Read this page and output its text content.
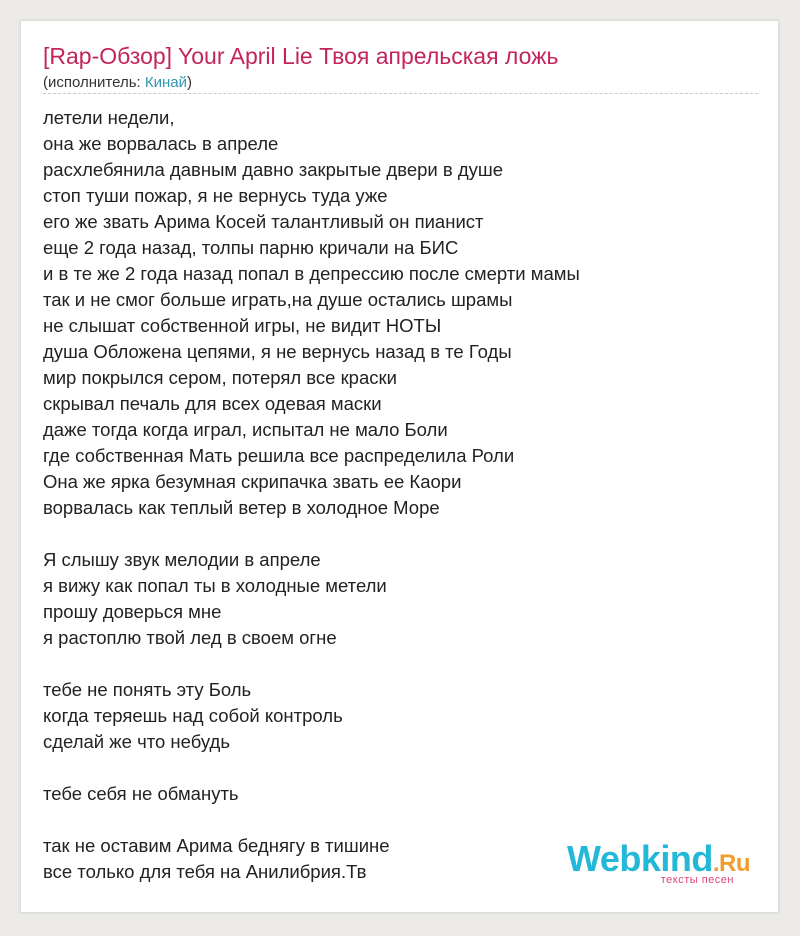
[Rap-Обзор] Your April Lie Твоя апрельская ложь
(исполнитель: Кинай)
летели недели,
она же ворвалась в апреле
расхлебянила давным давно закрытые двери в душе
стоп туши пожар, я не вернусь туда уже
его же звать Арима Косей талантливый он пианист
еще 2 года назад, толпы парню кричали на БИС
и в те же 2 года назад попал в депрессию после смерти мамы
так и не смог больше играть,на душе остались шрамы
не слышат собственной игры, не видит НОТЫ
душа Обложена цепями, я не вернусь назад в те Годы
мир покрылся сером, потерял все краски
скрывал печаль для всех одевая маски
даже тогда когда играл, испытал не мало Боли
где собственная Мать решила все распределила Роли
Она же ярка безумная скрипачка звать ее Каори
ворвалась как теплый ветер в холодное Море
Я слышу звук мелодии в апреле
я вижу как попал ты в холодные метели
прошу доверься мне
я растоплю твой лед в своем огне
тебе не понять эту Боль
когда теряешь над собой контроль
сделай же что небудь
тебе себя не обмануть
так не оставим Арима беднягу в тишине
все только для тебя на Анилибрия.Тв	Webkind.Ru
тексты песен
